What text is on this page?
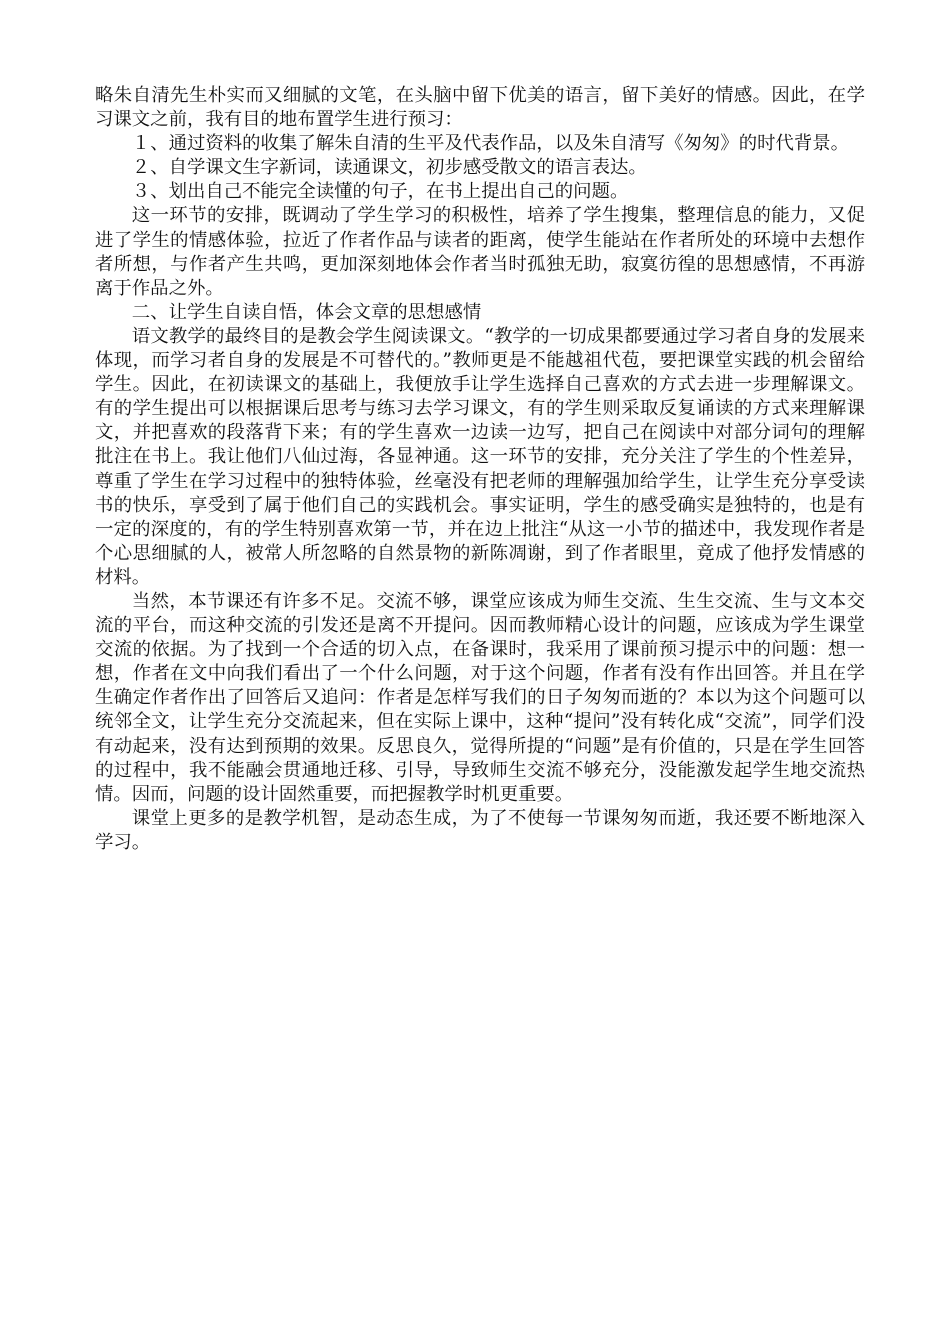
略朱自清先生朴实而又细腻的文笔，在头脑中留下优美的语言，留下美好的情感。因此，在学习课文之前，我有目的地布置学生进行预习：

１、通过资料的收集了解朱自清的生平及代表作品，以及朱自清写《匆匆》的时代背景。

２、自学课文生字新词，读通课文，初步感受散文的语言表达。

３、划出自己不能完全读懂的句子，在书上提出自己的问题。

这一环节的安排，既调动了学生学习的积极性，培养了学生搜集，整理信息的能力，又促进了学生的情感体验，拉近了作者作品与读者的距离，使学生能站在作者所处的环境中去想作者所想，与作者产生共鸣，更加深刻地体会作者当时孤独无助，寂寞彷徨的思想感情，不再游离于作品之外。

二、让学生自读自悟，体会文章的思想感情

语文教学的最终目的是教会学生阅读课文。“教学的一切成果都要通过学习者自身的发展来体现，而学习者自身的发展是不可替代的。”教师更是不能越祖代苞，要把课堂实践的机会留给学生。因此，在初读课文的基础上，我便放手让学生选择自己喜欢的方式去进一步理解课文。有的学生提出可以根据课后思考与练习去学习课文，有的学生则采取反复诵读的方式来理解课文，并把喜欢的段落背下来；有的学生喜欢一边读一边写，把自己在阅读中对部分词句的理解批注在书上。我让他们八仙过海，各显神通。这一环节的安排，充分关注了学生的个性差异，尊重了学生在学习过程中的独特体验，丝毫没有把老师的理解强加给学生，让学生充分享受读书的快乐，享受到了属于他们自己的实践机会。事实证明，学生的感受确实是独特的，也是有一定的深度的，有的学生特别喜欢第一节，并在边上批注“从这一小节的描述中，我发现作者是个心思细腻的人，被常人所忽略的自然景物的新陈凋谢，到了作者眼里，竟成了他抒发情感的材料。

当然，本节课还有许多不足。交流不够，课堂应该成为师生交流、生生交流、生与文本交流的平台，而这种交流的引发还是离不开提问。因而教师精心设计的问题，应该成为学生课堂交流的依据。为了找到一个合适的切入点，在备课时，我采用了课前预习提示中的问题：想一想，作者在文中向我们看出了一个什么问题，对于这个问题，作者有没有作出回答。并且在学生确定作者作出了回答后又追问：作者是怎样写我们的日子匆匆而逝的？本以为这个问题可以统邻全文，让学生充分交流起来，但在实际上课中，这种“提问”没有转化成“交流”，同学们没有动起来，没有达到预期的效果。反思良久，觉得所提的“问题”是有价值的，只是在学生回答的过程中，我不能融会贯通地迁移、引导，导致师生交流不够充分，没能激发起学生地交流热情。因而，问题的设计固然重要，而把握教学时机更重要。

课堂上更多的是教学机智，是动态生成，为了不使每一节课匆匆而逝，我还要不断地深入学习。
